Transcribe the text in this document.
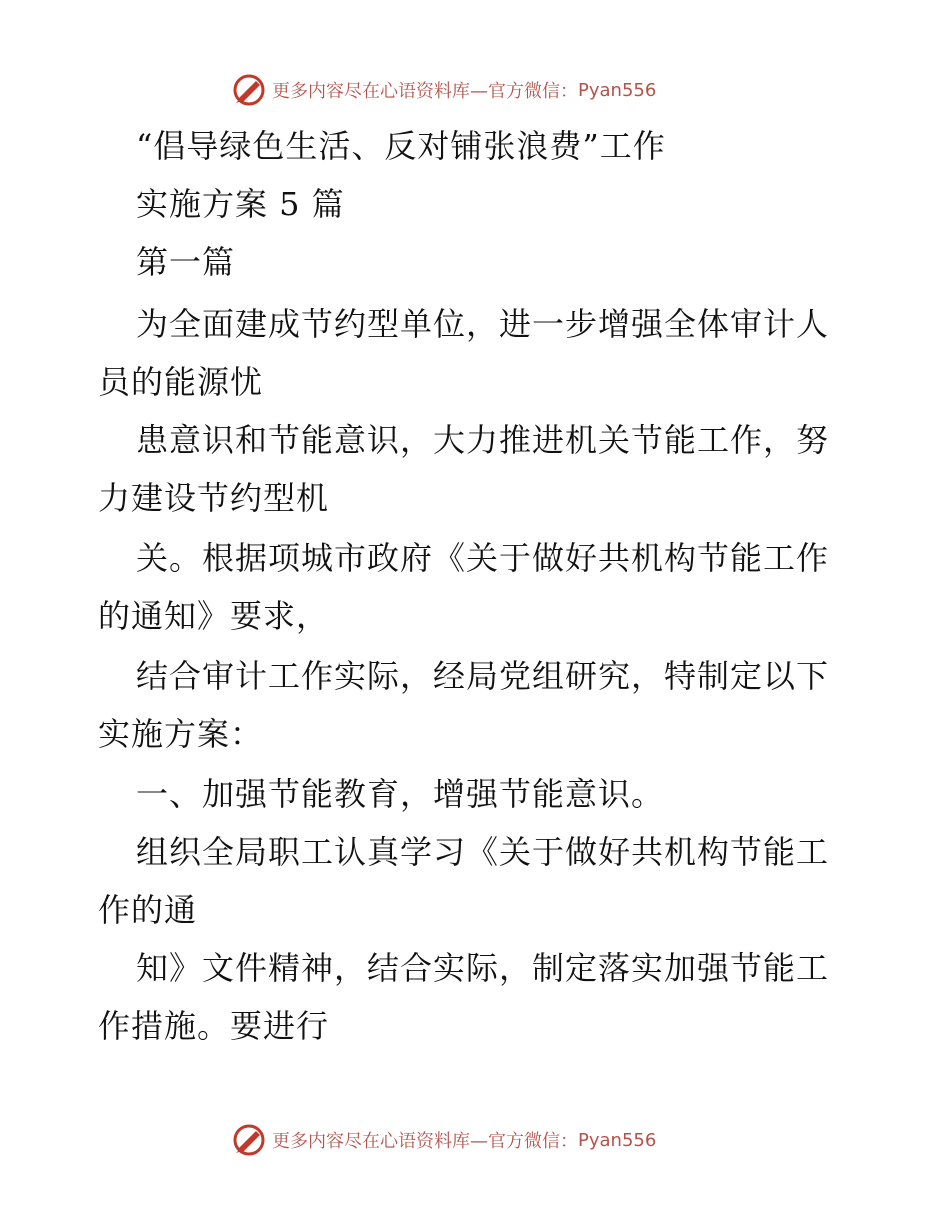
更多内容尽在心语资料库—官方微信： Pyan556
“倡导绿色生活、反对铺张浪费”工作
实施方案 5 篇
第一篇
为全面建成节约型单位，进一步增强全体审计人
员的能源忧
患意识和节能意识，大力推进机关节能工作，努
力建设节约型机
关。根据项城市政府《关于做好共机构节能工作
的通知》要求，
结合审计工作实际，经局党组研究，特制定以下
实施方案：
一、加强节能教育，增强节能意识。
组织全局职工认真学习《关于做好共机构节能工
作的通
知》文件精神，结合实际，制定落实加强节能工
作措施。要进行
更多内容尽在心语资料库—官方微信： Pyan556
